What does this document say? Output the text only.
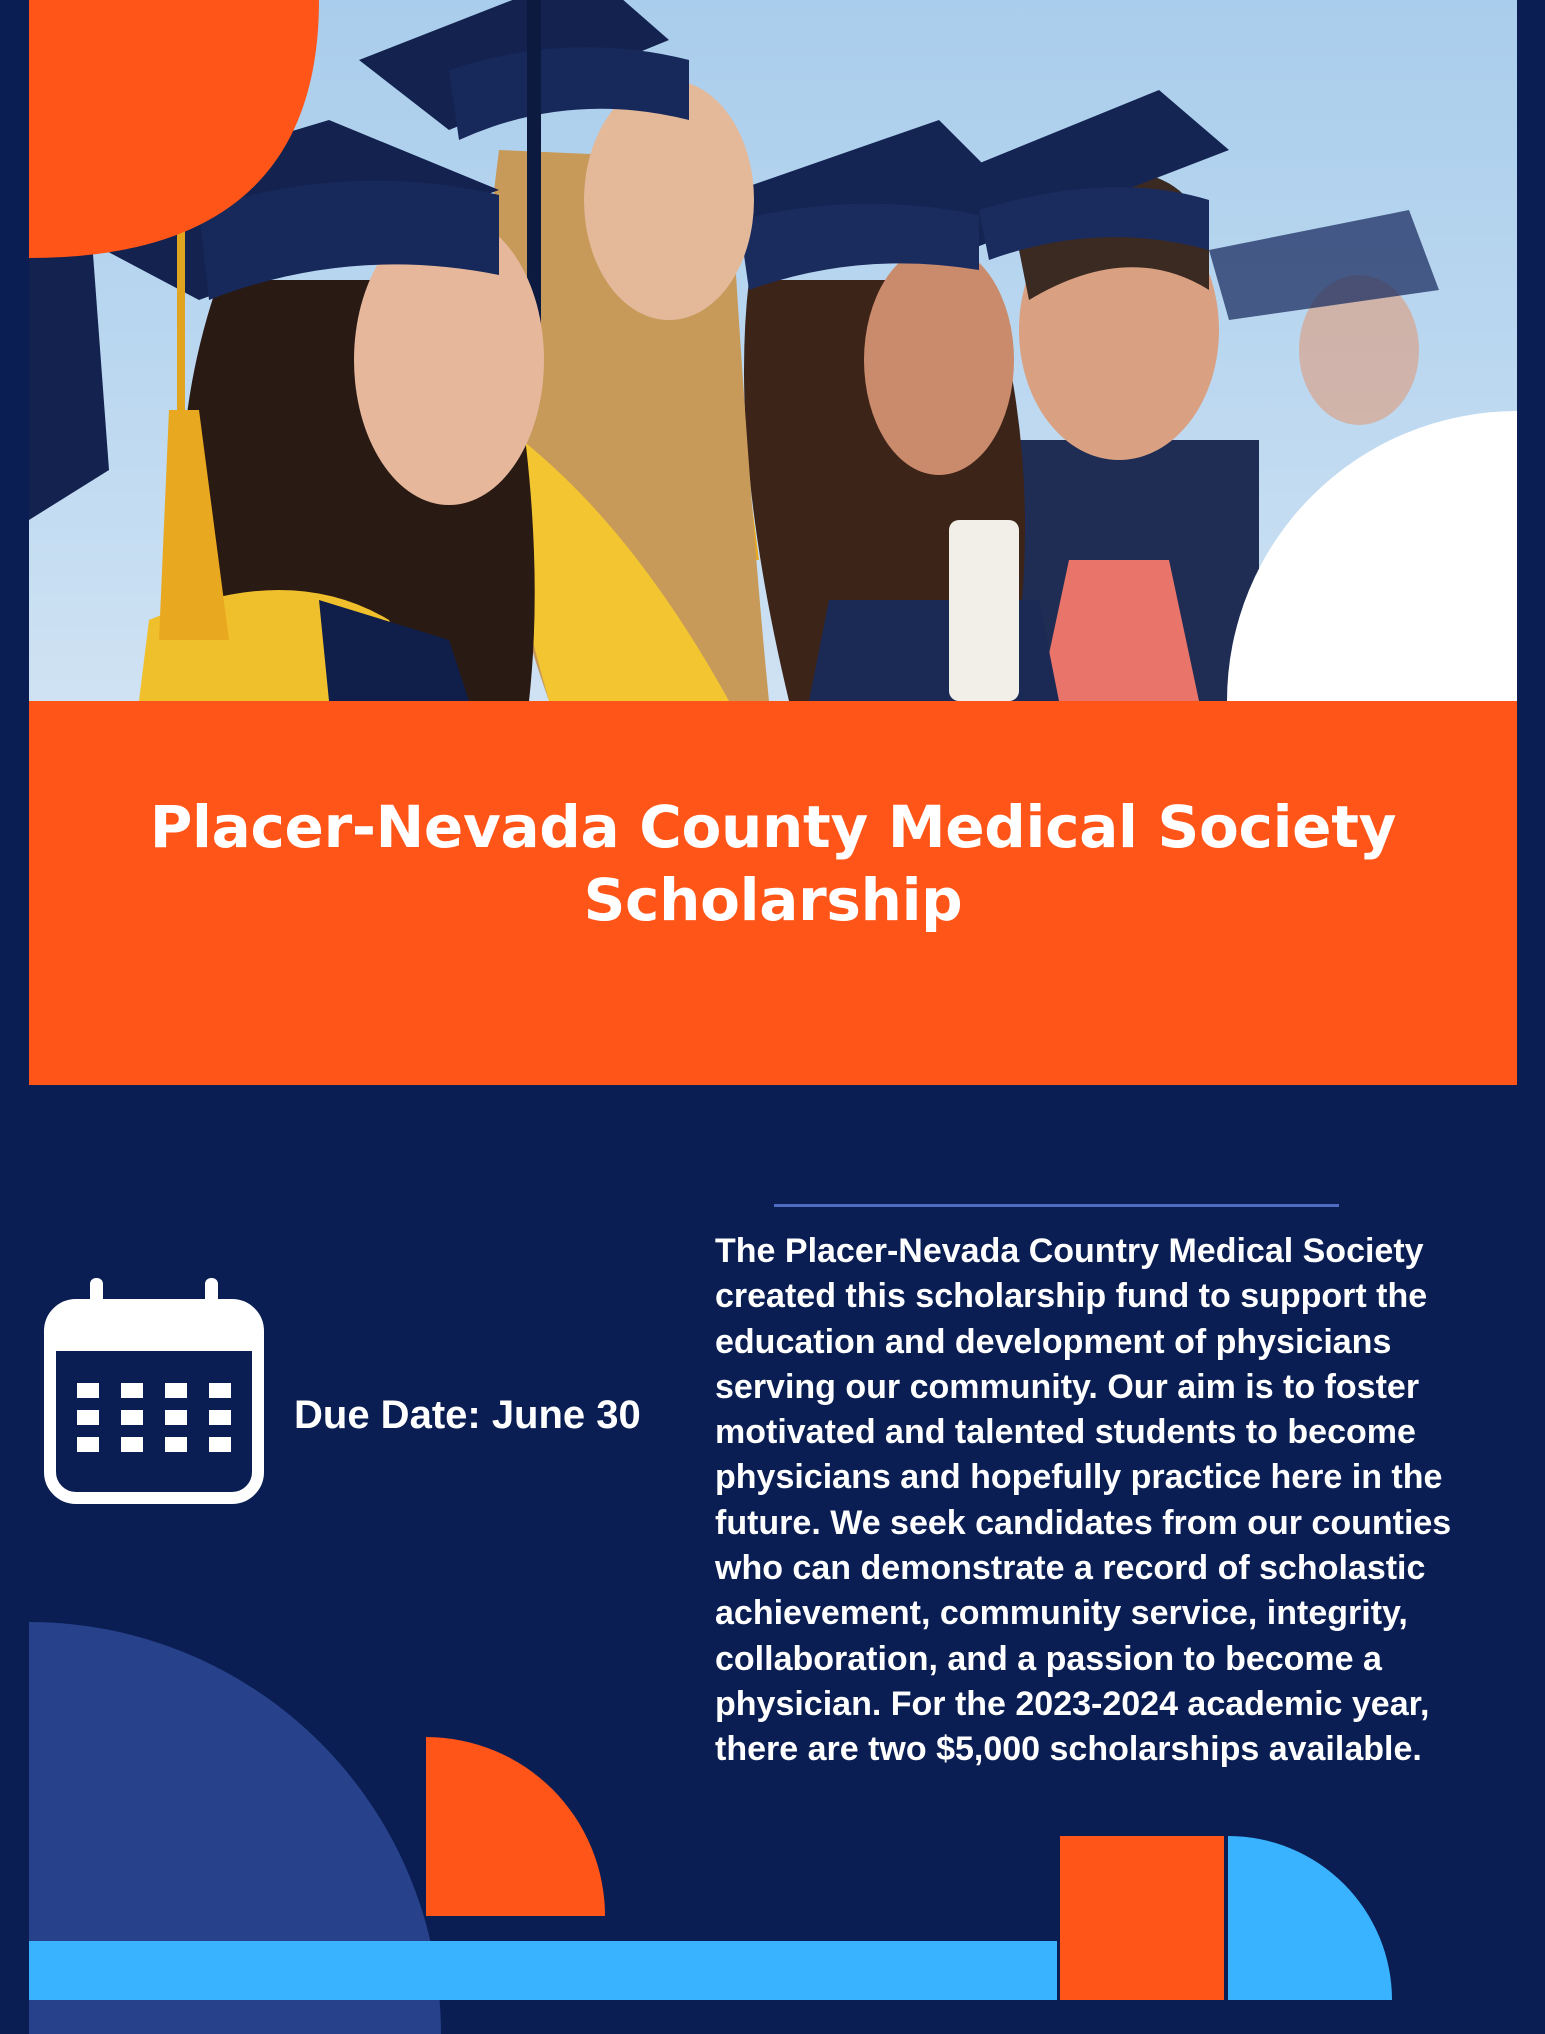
Placer-Nevada County Medical Society
Scholarship
Due Date: June 30

The Placer-Nevada Country Medical Society created this scholarship fund to support the education and development of physicians serving our community. Our aim is to foster motivated and talented students to become physicians and hopefully practice here in the future. We seek candidates from our counties who can demonstrate a record of scholastic achievement, community service, integrity, collaboration, and a passion to become a physician. For the 2023-2024 academic year, there are two $5,000 scholarships available.
